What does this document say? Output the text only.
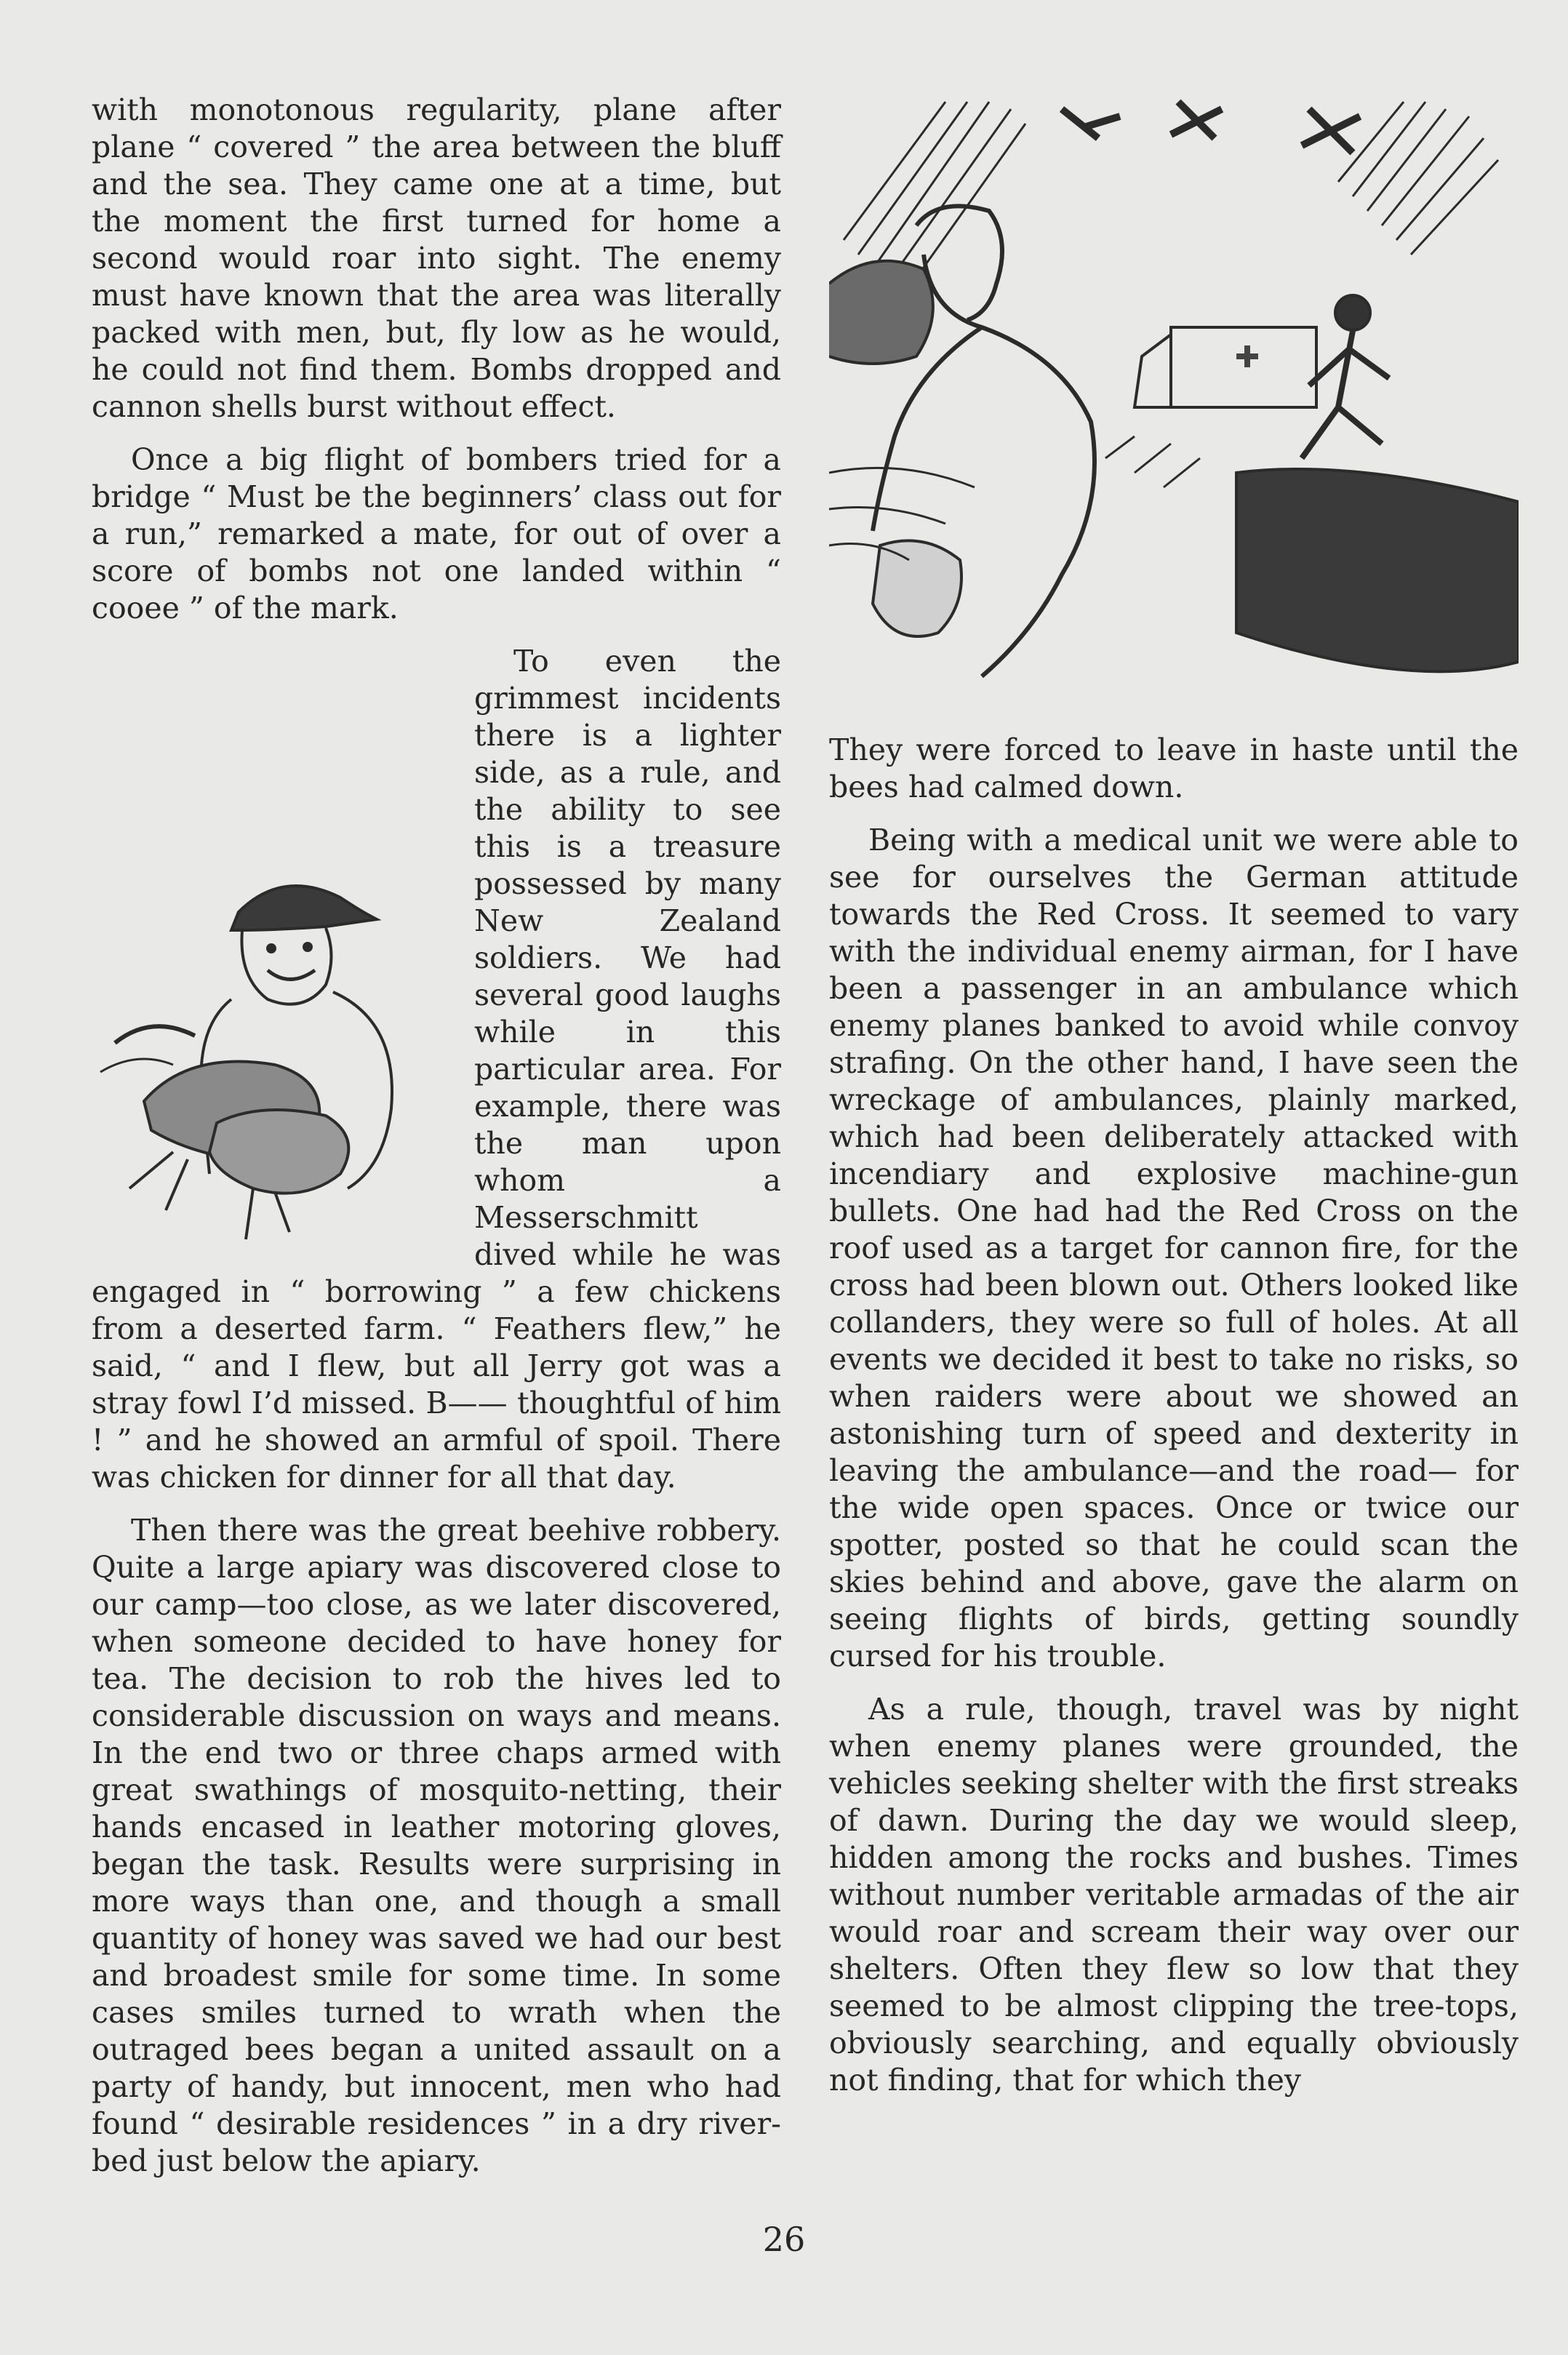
with monotonous regularity, plane after plane “ covered ” the area between the bluff and the sea. They came one at a time, but the moment the first turned for home a second would roar into sight. The enemy must have known that the area was literally packed with men, but, fly low as he would, he could not find them. Bombs dropped and cannon shells burst without effect.

Once a big flight of bombers tried for a bridge “ Must be the beginners’ class out for a run,” remarked a mate, for out of over a score of bombs not one landed within “ cooee ” of the mark.

To even the grimmest incidents there is a lighter side, as a rule, and the ability to see this is a treasure possessed by many New Zealand soldiers. We had several good laughs while in this particular area. For example, there was the man upon whom a Messerschmitt dived while he was engaged in “ borrowing ” a few chickens from a deserted farm. “ Feathers flew,” he said, “ and I flew, but all Jerry got was a stray fowl I’d missed. B—— thoughtful of him ! ” and he showed an armful of spoil. There was chicken for dinner for all that day.

Then there was the great beehive robbery. Quite a large apiary was discovered close to our camp—too close, as we later discovered, when someone decided to have honey for tea. The decision to rob the hives led to considerable discussion on ways and means. In the end two or three chaps armed with great swathings of mosquito-netting, their hands encased in leather motoring gloves, began the task. Results were surprising in more ways than one, and though a small quantity of honey was saved we had our best and broadest smile for some time. In some cases smiles turned to wrath when the outraged bees began a united assault on a party of handy, but innocent, men who had found “ desirable residences ” in a dry river-bed just below the apiary.

They were forced to leave in haste until the bees had calmed down.

Being with a medical unit we were able to see for ourselves the German attitude towards the Red Cross. It seemed to vary with the individual enemy airman, for I have been a passenger in an ambulance which enemy planes banked to avoid while convoy strafing. On the other hand, I have seen the wreckage of ambulances, plainly marked, which had been deliberately attacked with incendiary and explosive machine-gun bullets. One had had the Red Cross on the roof used as a target for cannon fire, for the cross had been blown out. Others looked like collanders, they were so full of holes. At all events we decided it best to take no risks, so when raiders were about we showed an astonishing turn of speed and dexterity in leaving the ambulance—and the road— for the wide open spaces. Once or twice our spotter, posted so that he could scan the skies behind and above, gave the alarm on seeing flights of birds, getting soundly cursed for his trouble.

As a rule, though, travel was by night when enemy planes were grounded, the vehicles seeking shelter with the first streaks of dawn. During the day we would sleep, hidden among the rocks and bushes. Times without number veritable armadas of the air would roar and scream their way over our shelters. Often they flew so low that they seemed to be almost clipping the tree-tops, obviously searching, and equally obviously not finding, that for which they

26
